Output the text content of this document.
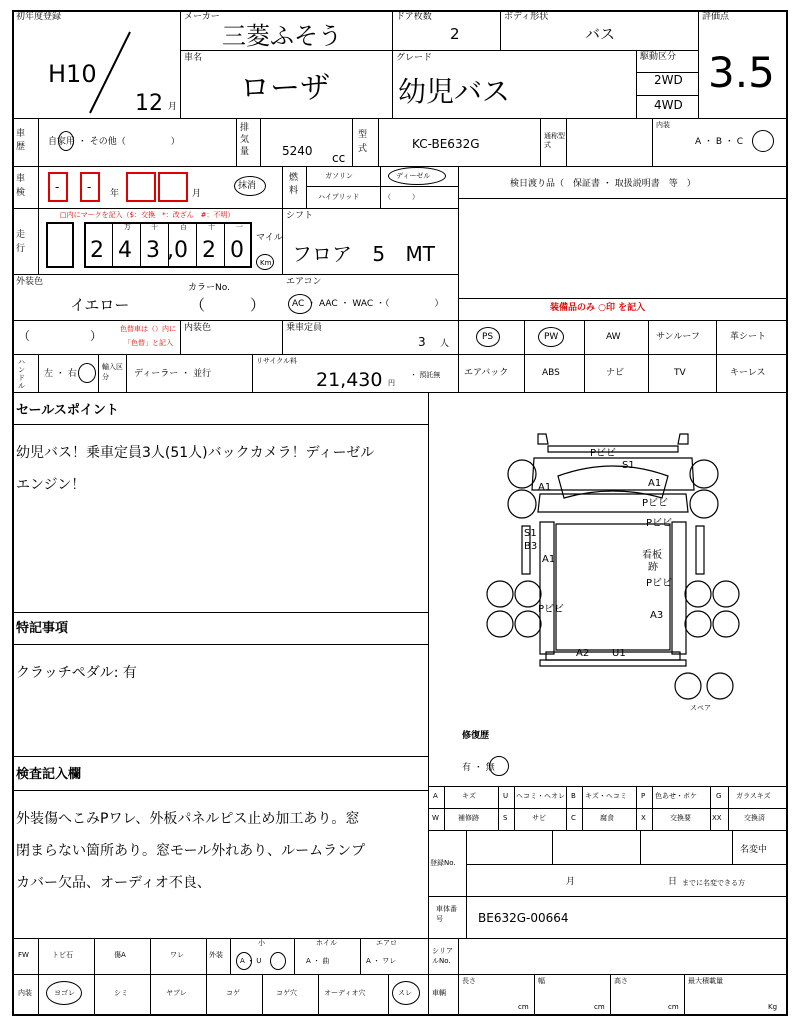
初年度登録
H10
12 月
メーカー
三菱ふそう
ドア枚数
2
ボディ形状
バス
評価点
3.5
車名
ローザ
グレード
幼児バス
駆動区分
2WD
4WD
車歴	自家用 ・ その他（　　　　　）
排気量	5240 cc
型式	KC-BE632G
通称型式
内装
A ・ B ・ C
車検	- - 年	月
抹消
燃料
ガソリン	ディーゼル
ハイブリッド	（　　　）
検日渡り品（　保証書 ・ 取扱説明書　等　）
走行
□内にマークを記入（$：交換　*：改ざん　#：不明）
万	千	百	十	一
2 4 3 , 0 2 0 マイル
Km
シフト
フロア 5 MT
外装色
イエロー
カラーNo.
（　　　）
エアコン
AC ・ AAC ・ WAC ・（　　　　　）	装備品のみ ○印 を記入
（　　　　　）	色替車は（）内に
「色替」と記入
内装色	乗車定員
3 人
PS	PW	AW	サンルーフ	革シート
エアバック	ABS	ナビ	TV	キーレス
ハンドル
左 ・ 右
輸入区分	ディーラー ・ 並行
リサイクル料
21,430 円
・ 預託無
セールスポイント
幼児バス！乗車定員3人(51人)バックカメラ！ディーゼル
エンジン！
特記事項
クラッチペダル: 有
検査記入欄
外装傷へこみPワレ、外板パネルピス止め加工あり。窓
閉まらない箇所あり。窓モール外れあり、ルームランプ
カバー欠品、オーディオ不良、
Pビビ
S1
A1	A1
Pビビ
Pビビ
S1
B3
A1	看板
跡
Pビビ
Pビビ
A3
A2 U1
スペア
修復歴
有 ・ 無
A	キズ	U ヘコミ・ヘオレ B キズ・ヘコミ P 色あせ・ボケ	G ガラスキズ
W	補修跡	S	サビ	C	腐食	X	交換要	XX	交換済
登録No.
名変中
月	日 までに名変できる方
車体番号	BE632G-00664
FW	トビ石	傷A	ワレ	外装
小
A ・ U
ホイル
A ・ 曲
エアロ
A ・ ワレ
内装	ヨゴレ	シミ	ヤブレ	コゲ	コゲ穴	オーディオ穴	スレ
シリアルNo.
車輌
長さ
cm
幅
cm
高さ
cm
最大積載量
Kg
